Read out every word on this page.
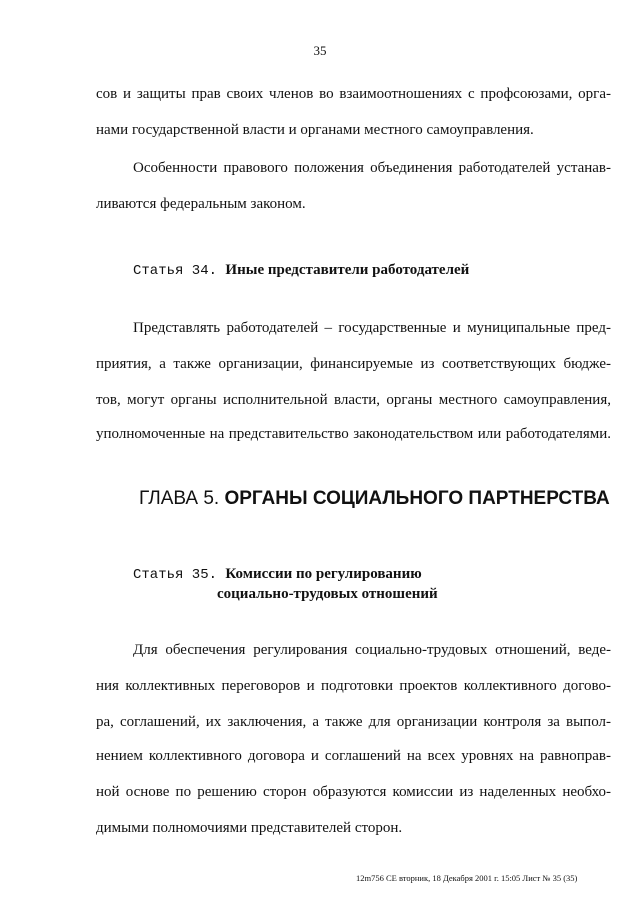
35
сов и защиты прав своих членов во взаимоотношениях с профсоюзами, орга-
нами государственной власти и органами местного самоуправления.
Особенности правового положения объединения работодателей устанав-
ливаются федеральным законом.
Статья 34. Иные представители работодателей
Представлять работодателей – государственные и муниципальные пред-
приятия, а также организации, финансируемые из соответствующих бюдже-
тов, могут органы исполнительной власти, органы местного самоуправления,
уполномоченные на представительство законодательством или работодателями.
ГЛАВА 5. ОРГАНЫ СОЦИАЛЬНОГО ПАРТНЕРСТВА
Статья 35. Комиссии по регулированию
социально-трудовых отношений
Для обеспечения регулирования социально-трудовых отношений, веде-
ния коллективных переговоров и подготовки проектов коллективного догово-
ра, соглашений, их заключения, а также для организации контроля за выпол-
нением коллективного договора и соглашений на всех уровнях на равноправ-
ной основе по решению сторон образуются комиссии из наделенных необхо-
димыми полномочиями представителей сторон.
12m756 CE вторник, 18 Декабря 2001 г. 15:05 Лист № 35 (35)
